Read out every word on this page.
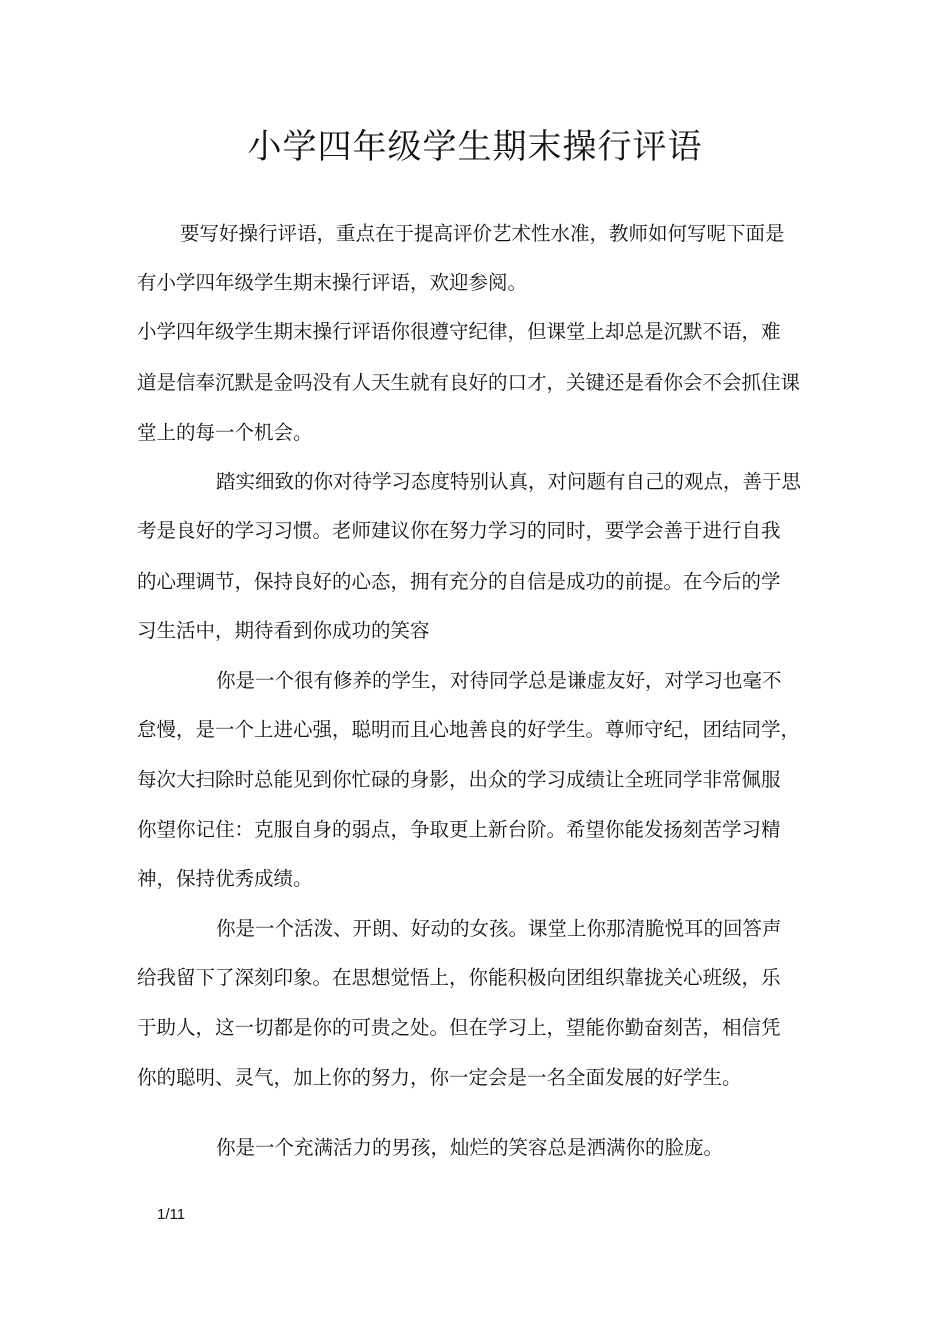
小学四年级学生期末操行评语

要写好操行评语，重点在于提高评价艺术性水准，教师如何写呢下面是

有小学四年级学生期末操行评语，欢迎参阅。

小学四年级学生期末操行评语你很遵守纪律，但课堂上却总是沉默不语，难

道是信奉沉默是金吗没有人天生就有良好的口才，关键还是看你会不会抓住课

堂上的每一个机会。

踏实细致的你对待学习态度特别认真，对问题有自己的观点，善于思

考是良好的学习习惯。老师建议你在努力学习的同时，要学会善于进行自我

的心理调节，保持良好的心态，拥有充分的自信是成功的前提。在今后的学

习生活中，期待看到你成功的笑容

你是一个很有修养的学生，对待同学总是谦虚友好，对学习也毫不

怠慢，是一个上进心强，聪明而且心地善良的好学生。尊师守纪，团结同学，

每次大扫除时总能见到你忙碌的身影，出众的学习成绩让全班同学非常佩服

你望你记住：克服自身的弱点，争取更上新台阶。希望你能发扬刻苦学习精

神，保持优秀成绩。

你是一个活泼、开朗、好动的女孩。课堂上你那清脆悦耳的回答声

给我留下了深刻印象。在思想觉悟上，你能积极向团组织靠拢关心班级，乐

于助人，这一切都是你的可贵之处。但在学习上，望能你勤奋刻苦，相信凭

你的聪明、灵气，加上你的努力，你一定会是一名全面发展的好学生。

你是一个充满活力的男孩，灿烂的笑容总是洒满你的脸庞。

1/11
